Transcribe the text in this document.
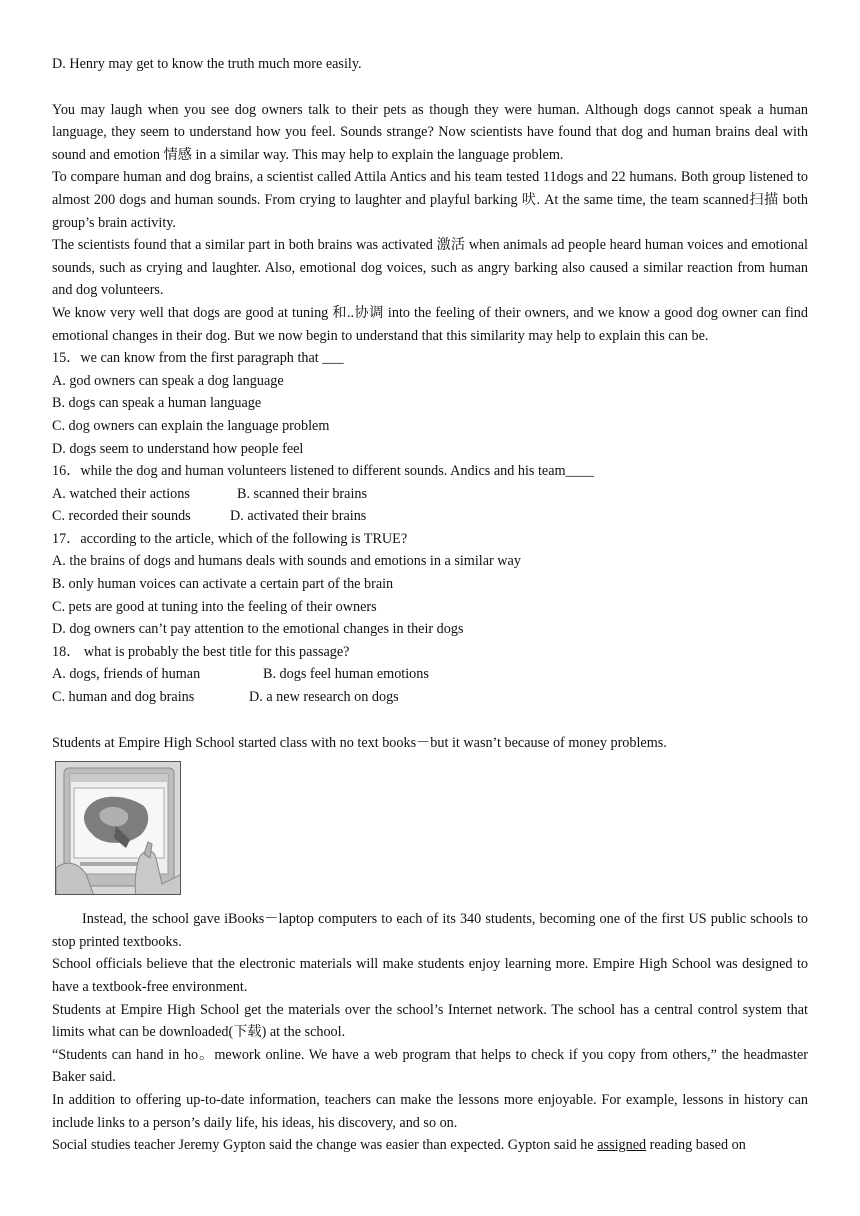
D. Henry may get to know the truth much more easily.
You may laugh when you see dog owners talk to their pets as though they were human. Although dogs cannot speak a human language, they seem to understand how you feel. Sounds strange? Now scientists have found that dog and human brains deal with sound and emotion 情感 in a similar way. This may help to explain the language problem.
To compare human and dog brains, a scientist called Attila Antics and his team tested 11dogs and 22 humans. Both group listened to almost 200 dogs and human sounds. From crying to laughter and playful barking 吠. At the same time, the team scanned扫描 both group’s brain activity.
The scientists found that a similar part in both brains was activated 激活 when animals ad people heard human voices and emotional sounds, such as crying and laughter. Also, emotional dog voices, such as angry barking also caused a similar reaction from human and dog volunteers.
We know very well that dogs are good at tuning 和..协调 into the feeling of their owners, and we know a good dog owner can find emotional changes in their dog. But we now begin to understand that this similarity may help to explain this can be.
15．we can know from the first paragraph that ___
A. god owners can speak a dog language
B. dogs can speak a human language
C. dog owners can explain the language problem
D. dogs seem to understand how people feel
16．while the dog and human volunteers listened to different sounds. Andics and his team____
A. watched their actions	B. scanned their brains
C. recorded their sounds	D. activated their brains
17．according to the article, which of the following is TRUE?
A. the brains of dogs and humans deals with sounds and emotions in a similar way
B. only human voices can activate a certain part of the brain
C. pets are good at tuning into the feeling of their owners
D. dog owners can’t pay attention to the emotional changes in their dogs
18． what is probably the best title for this passage?
A. dogs, friends of human	B. dogs feel human emotions
C. human and dog brains	D. a new research on dogs
Students at Empire High School started class with no text books－but it wasn’t because of money problems.
Instead, the school gave iBooks－laptop computers to each of its 340 students, becoming one of the first US public schools to stop printed textbooks.
School officials believe that the electronic materials will make students enjoy learning more. Empire High School was designed to have a textbook-free environment.
Students at Empire High School get the materials over the school’s Internet network. The school has a central control system that limits what can be downloaded(下载) at the school.
“Students can hand in ho。mework online. We have a web program that helps to check if you copy from others,” the headmaster Baker said.
In addition to offering up-to-date information, teachers can make the lessons more enjoyable. For example, lessons in history can include links to a person’s daily life, his ideas, his discovery, and so on.
Social studies teacher Jeremy Gypton said the change was easier than expected. Gypton said he assigned reading based on
